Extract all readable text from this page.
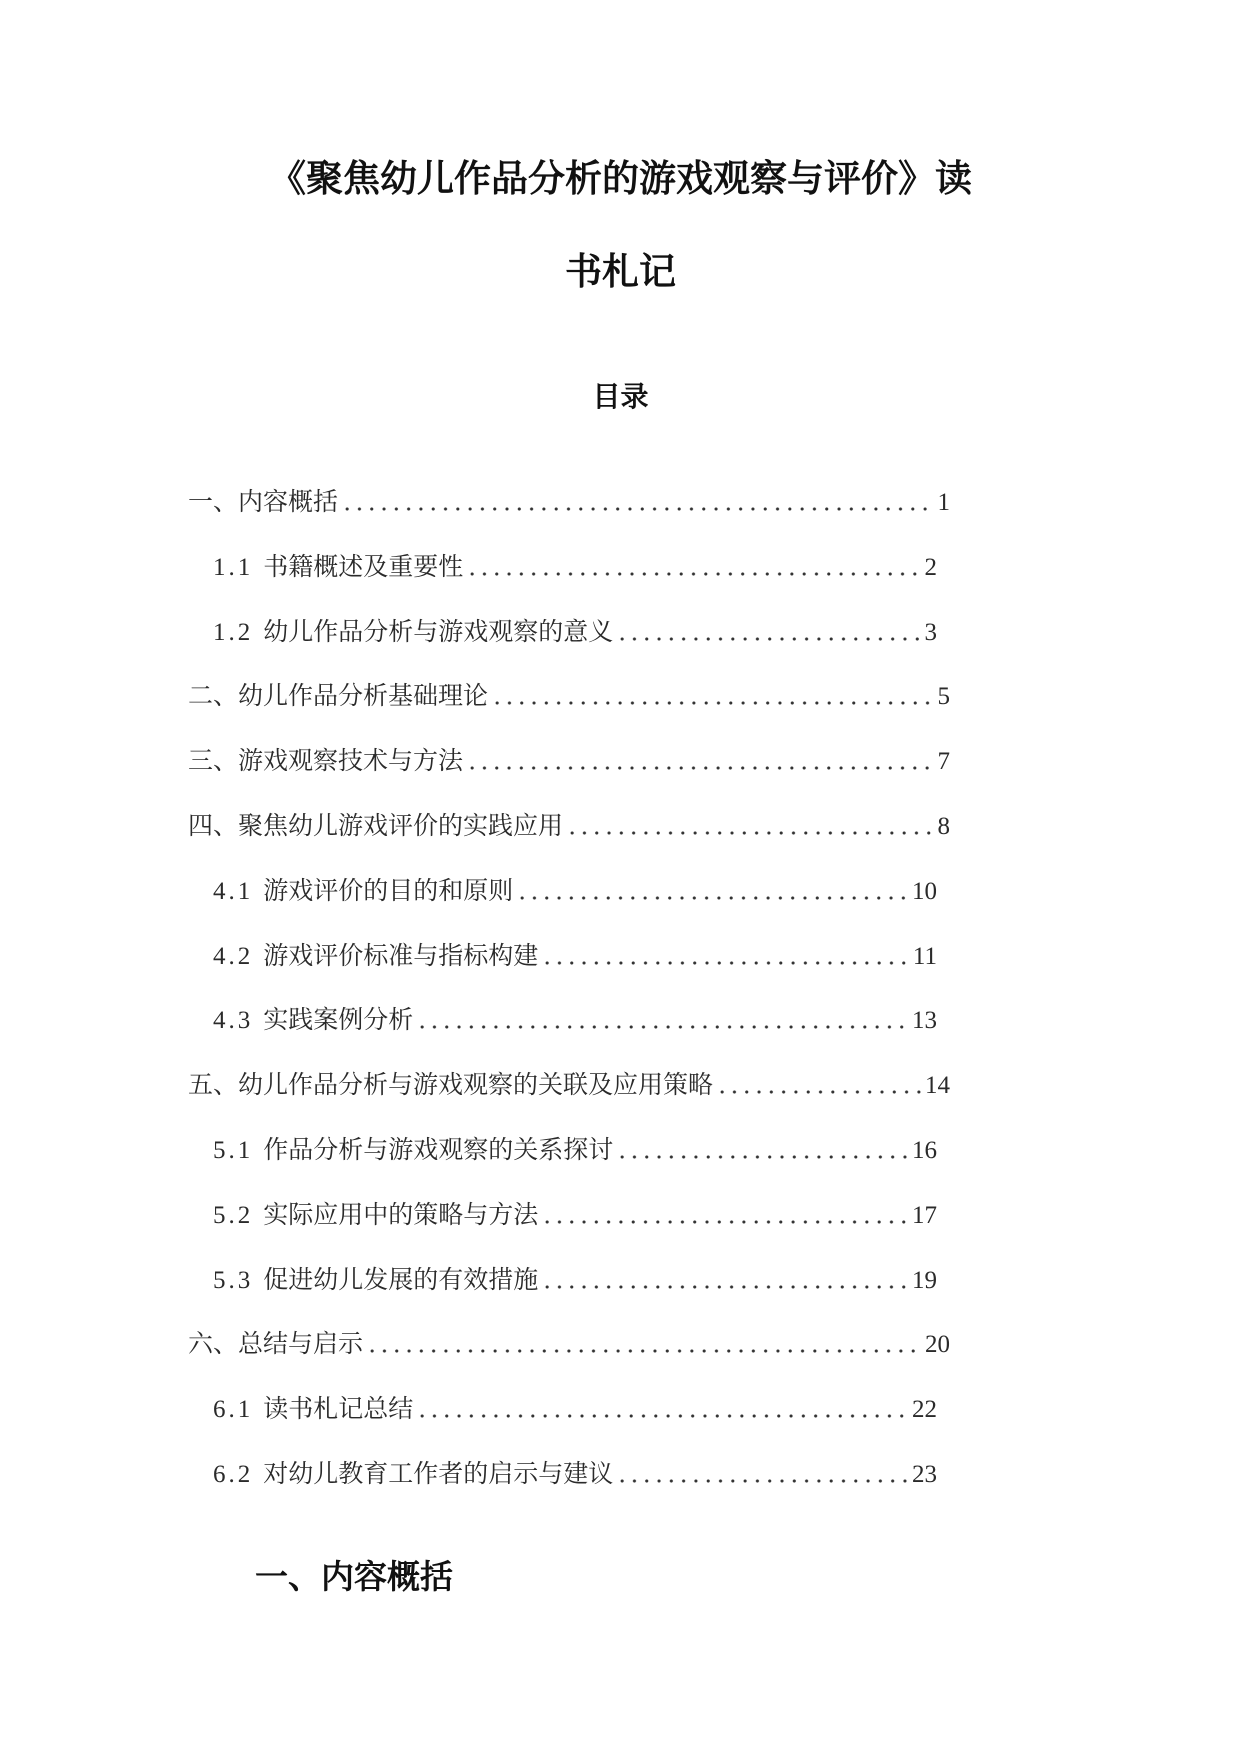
《聚焦幼儿作品分析的游戏观察与评价》读
书札记
目录
一、内容概括	1
1.1 书籍概述及重要性	2
1.2 幼儿作品分析与游戏观察的意义	3
二、幼儿作品分析基础理论	5
三、游戏观察技术与方法	7
四、聚焦幼儿游戏评价的实践应用	8
4.1 游戏评价的目的和原则	10
4.2 游戏评价标准与指标构建	11
4.3 实践案例分析	13
五、幼儿作品分析与游戏观察的关联及应用策略	14
5.1 作品分析与游戏观察的关系探讨	16
5.2 实际应用中的策略与方法	17
5.3 促进幼儿发展的有效措施	19
六、总结与启示	20
6.1 读书札记总结	22
6.2 对幼儿教育工作者的启示与建议	23
一、内容概括
